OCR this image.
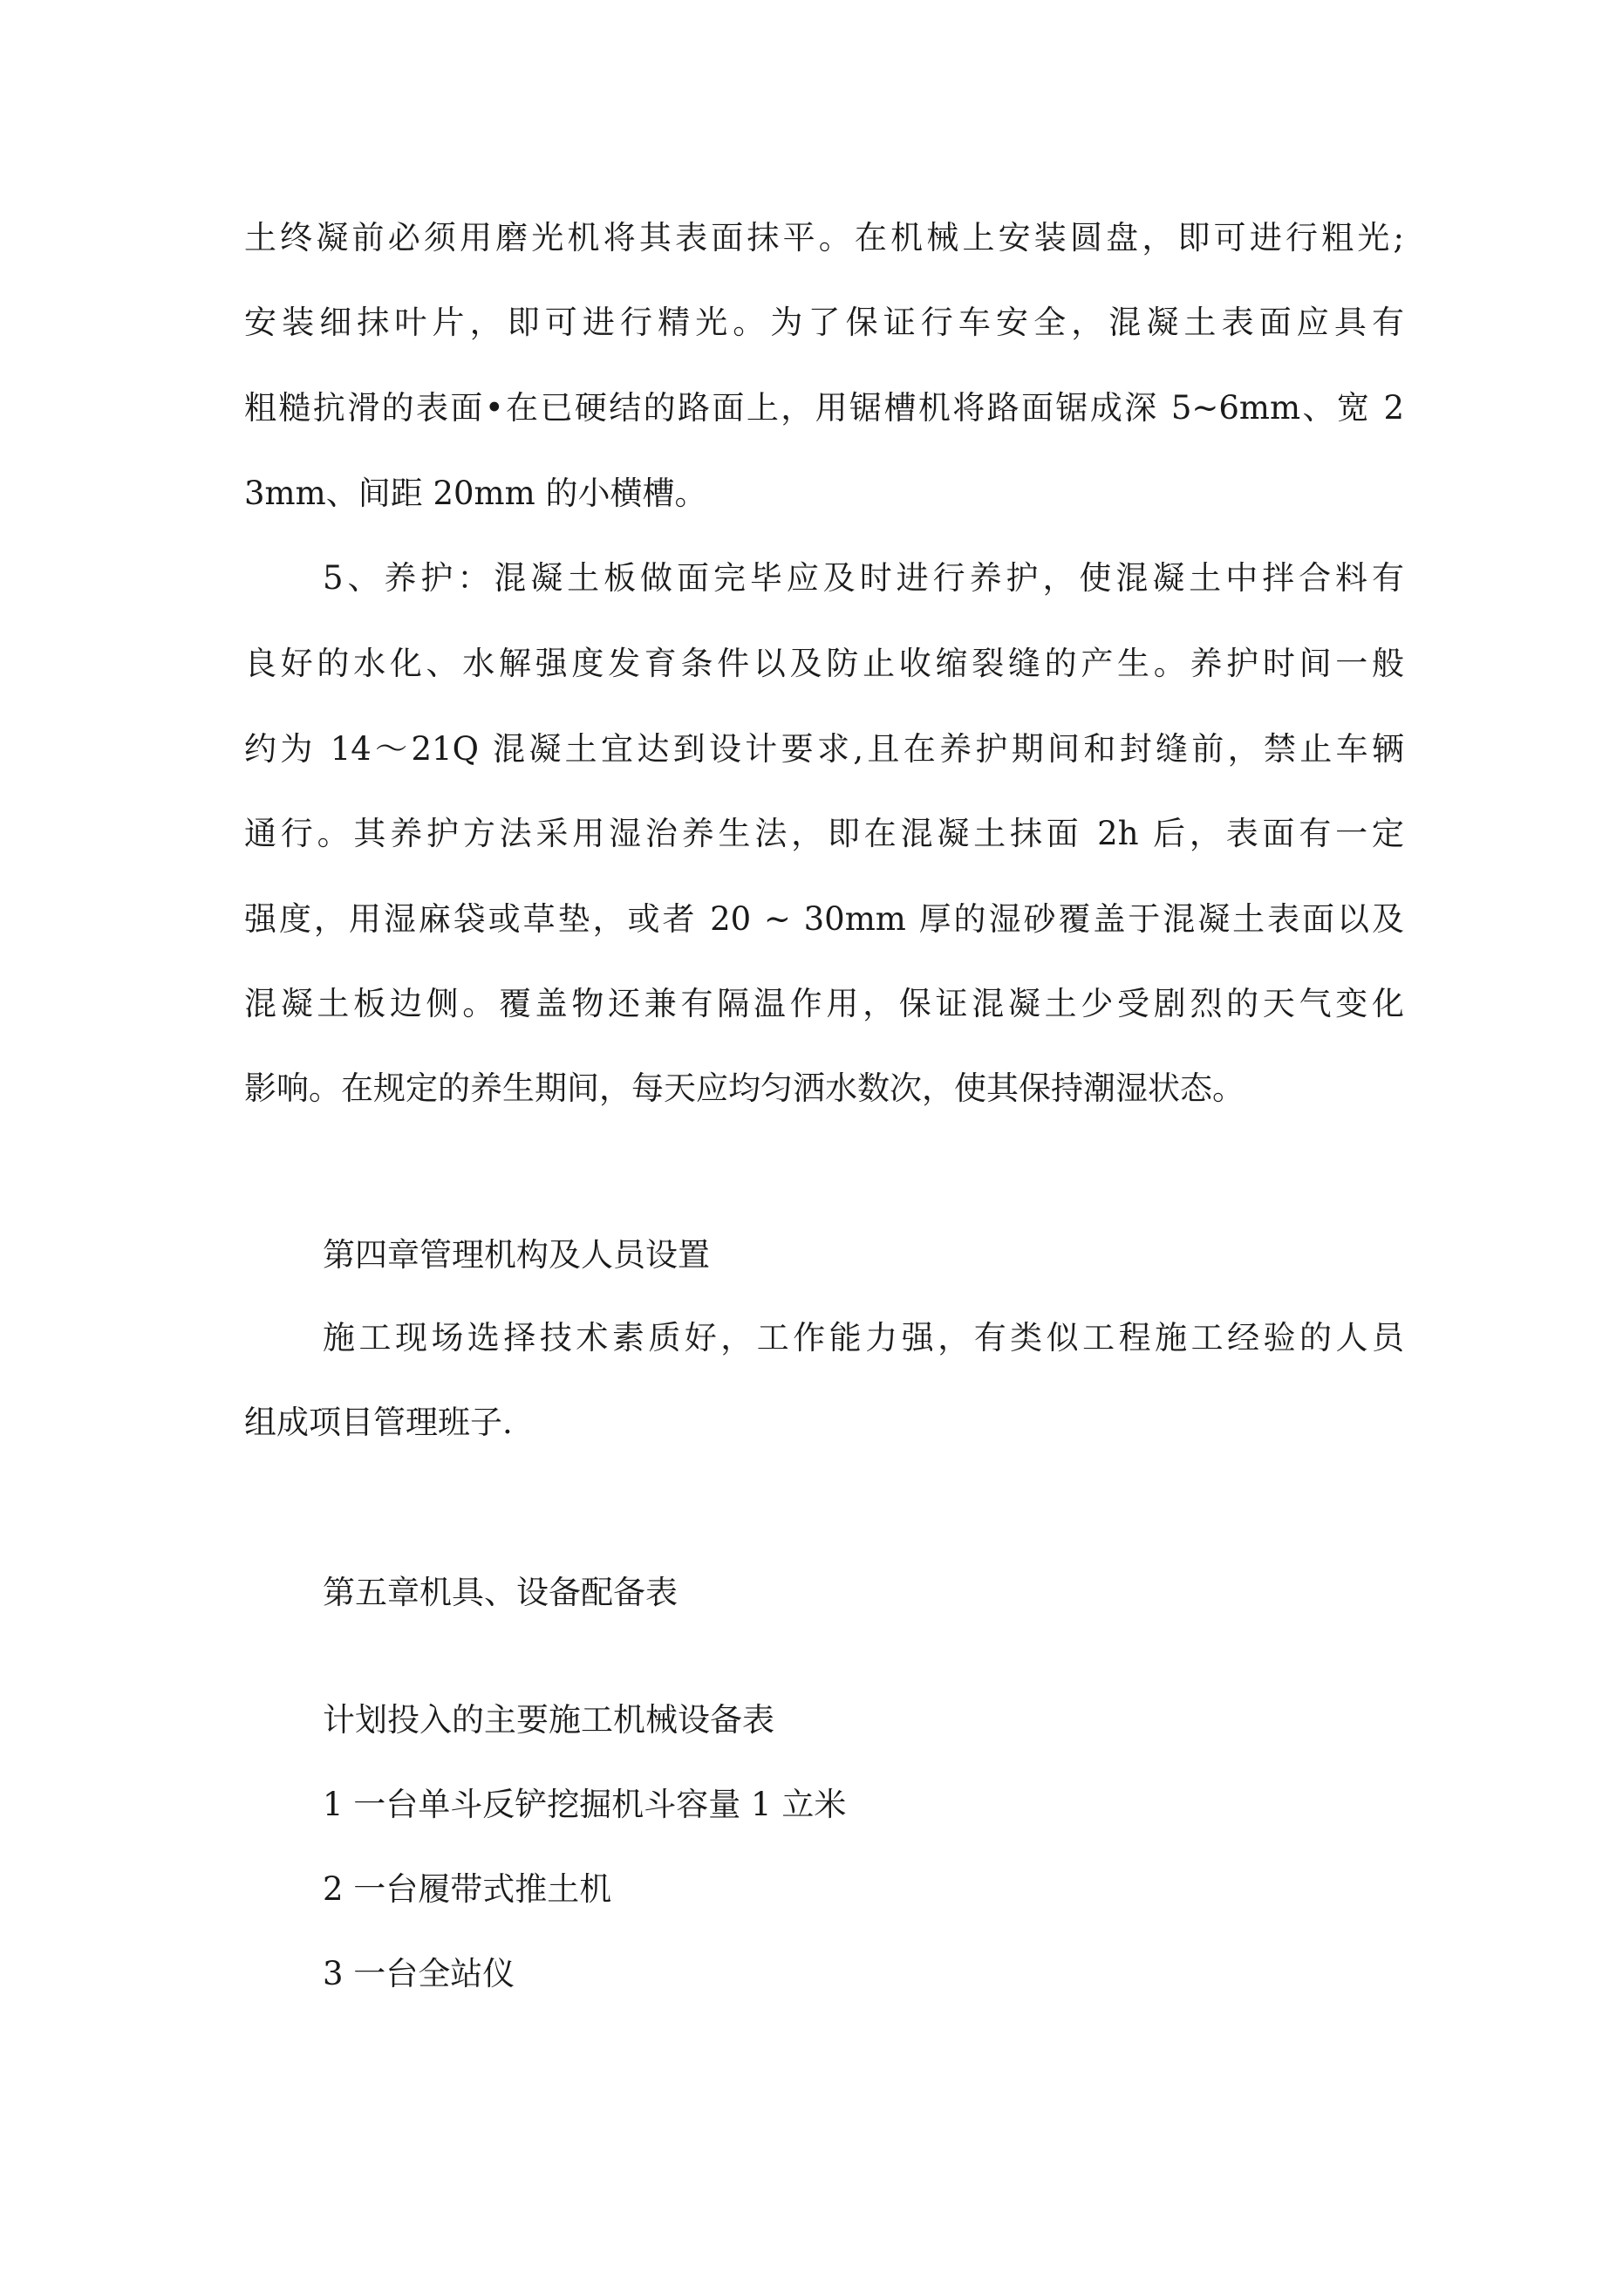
土终凝前必须用磨光机将其表面抹平。在机械上安装圆盘，即可进行粗光;
安装细抹叶片，即可进行精光。为了保证行车安全，混凝土表面应具有
粗糙抗滑的表面•在已硬结的路面上，用锯槽机将路面锯成深 5~6mm、宽 2
3mm、间距 20mm 的小横槽。
5、养护：混凝土板做面完毕应及时进行养护，使混凝土中拌合料有
良好的水化、水解强度发育条件以及防止收缩裂缝的产生。养护时间一般
约为 14〜21Q 混凝土宜达到设计要求,且在养护期间和封缝前，禁止车辆
通行。其养护方法采用湿治养生法，即在混凝土抹面 2h 后，表面有一定
强度，用湿麻袋或草垫，或者 20 ~ 30mm 厚的湿砂覆盖于混凝土表面以及
混凝土板边侧。覆盖物还兼有隔温作用，保证混凝土少受剧烈的天气变化
影响。在规定的养生期间，每天应均匀洒水数次，使其保持潮湿状态。
第四章管理机构及人员设置
施工现场选择技术素质好，工作能力强，有类似工程施工经验的人员
组成项目管理班子.
第五章机具、设备配备表
计划投入的主要施工机械设备表
1 一台单斗反铲挖掘机斗容量 1 立米
2 一台履带式推土机
3 一台全站仪
